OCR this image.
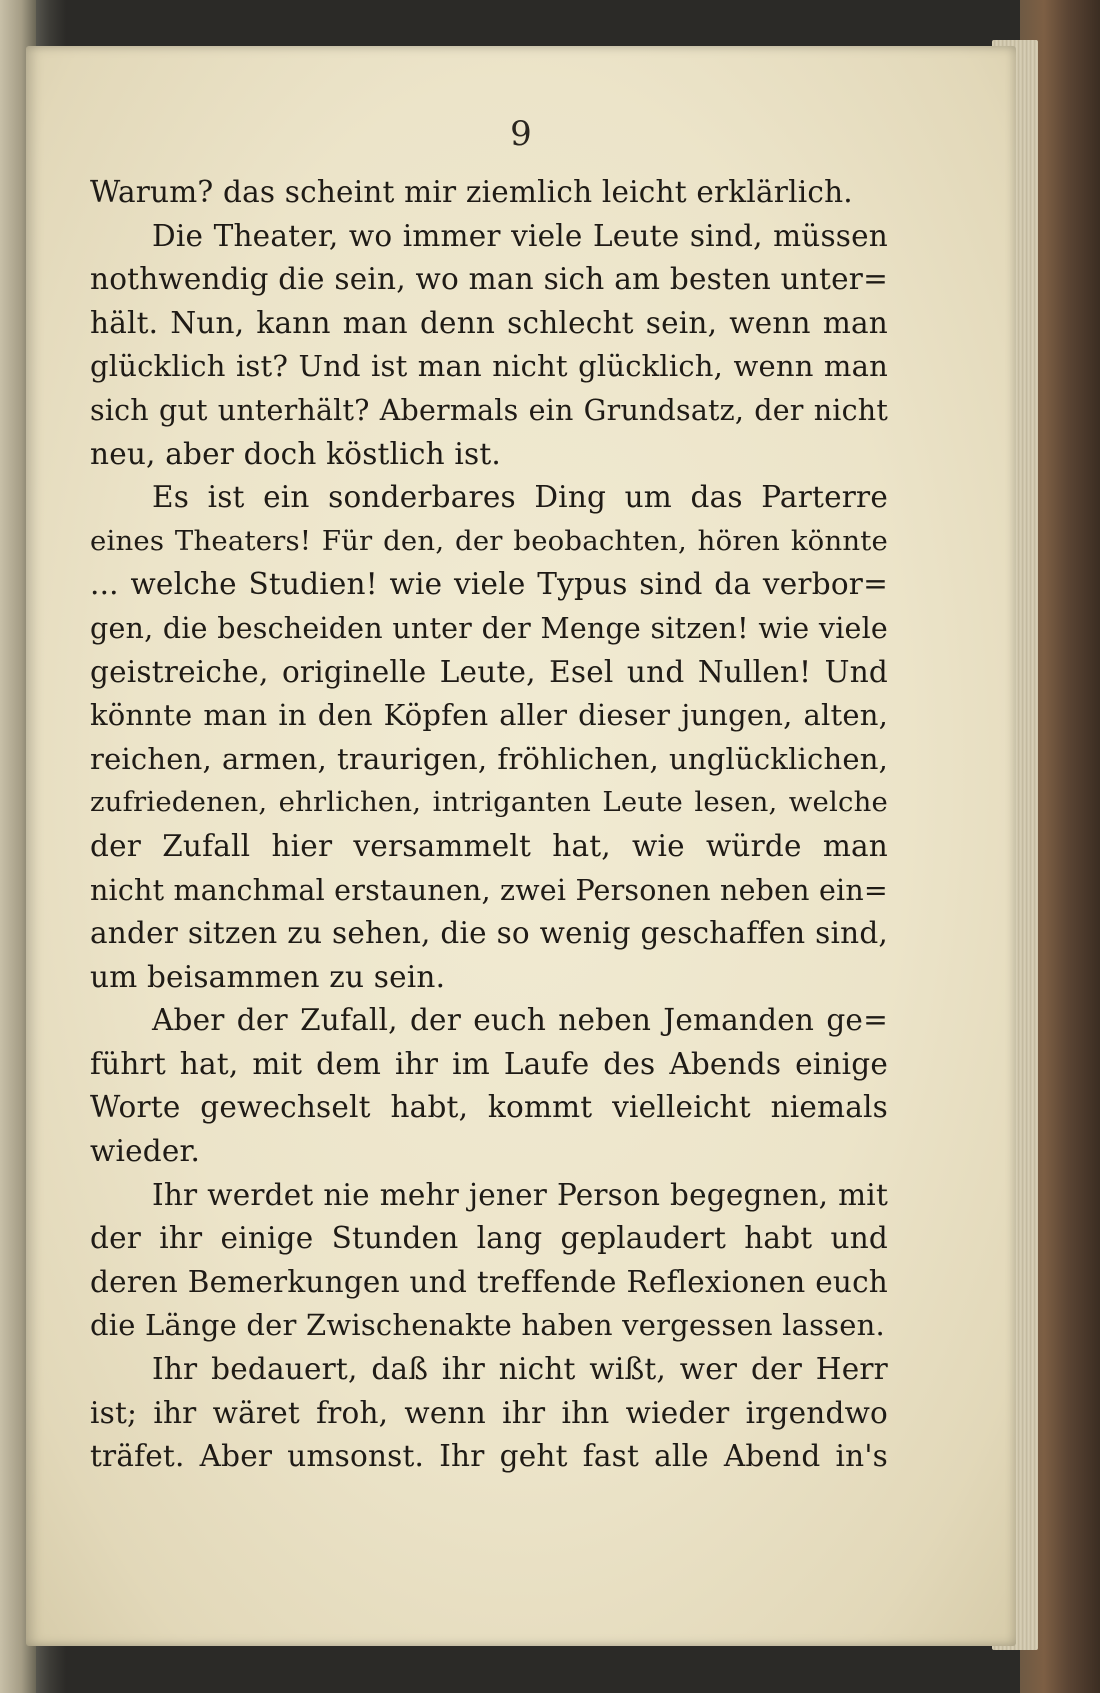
9
Warum? das scheint mir ziemlich leicht erklärlich.
Die Theater, wo immer viele Leute sind, müssen
nothwendig die sein, wo man sich am besten unter=
hält. Nun, kann man denn schlecht sein, wenn man
glücklich ist? Und ist man nicht glücklich, wenn man
sich gut unterhält? Abermals ein Grundsatz, der nicht
neu, aber doch köstlich ist.
Es ist ein sonderbares Ding um das Parterre
eines Theaters! Für den, der beobachten, hören könnte
... welche Studien! wie viele Typus sind da verbor=
gen, die bescheiden unter der Menge sitzen! wie viele
geistreiche, originelle Leute, Esel und Nullen! Und
könnte man in den Köpfen aller dieser jungen, alten,
reichen, armen, traurigen, fröhlichen, unglücklichen,
zufriedenen, ehrlichen, intriganten Leute lesen, welche
der Zufall hier versammelt hat, wie würde man
nicht manchmal erstaunen, zwei Personen neben ein=
ander sitzen zu sehen, die so wenig geschaffen sind,
um beisammen zu sein.
Aber der Zufall, der euch neben Jemanden ge=
führt hat, mit dem ihr im Laufe des Abends einige
Worte gewechselt habt, kommt vielleicht niemals
wieder.
Ihr werdet nie mehr jener Person begegnen, mit
der ihr einige Stunden lang geplaudert habt und
deren Bemerkungen und treffende Reflexionen euch
die Länge der Zwischenakte haben vergessen lassen.
Ihr bedauert, daß ihr nicht wißt, wer der Herr
ist; ihr wäret froh, wenn ihr ihn wieder irgendwo
träfet. Aber umsonst. Ihr geht fast alle Abend in's
